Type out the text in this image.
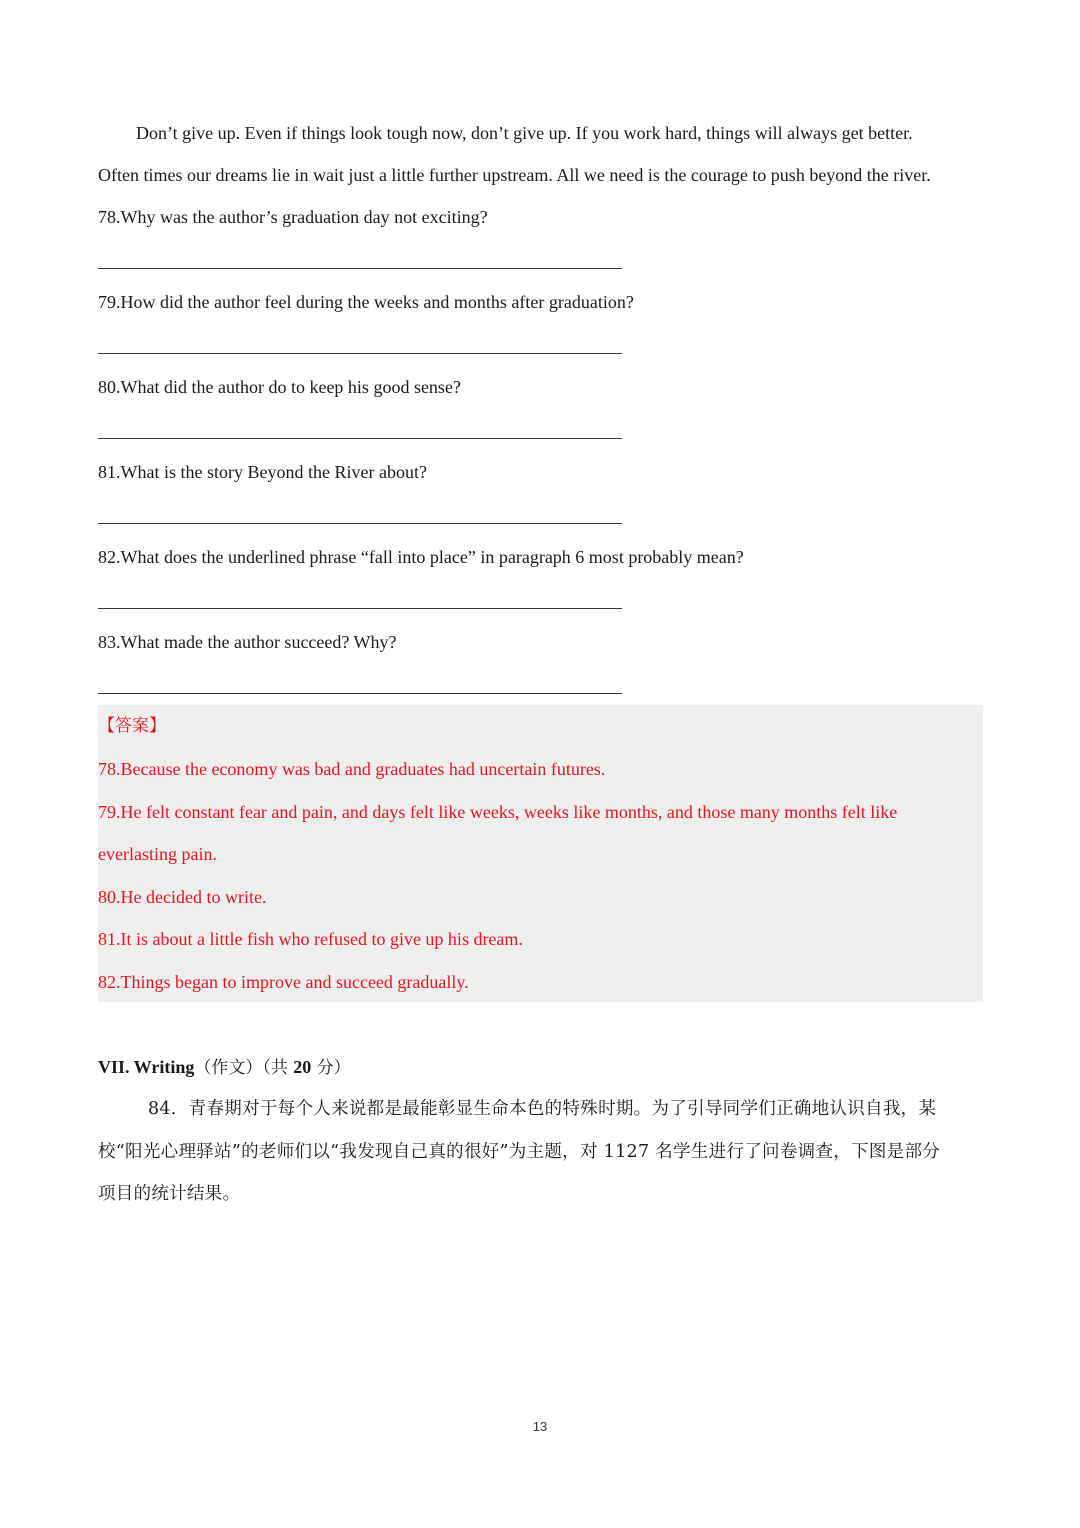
Don’t give up. Even if things look tough now, don’t give up. If you work hard, things will always get better.
Often times our dreams lie in wait just a little further upstream. All we need is the courage to push beyond the river.
78.Why was the author’s graduation day not exciting?
79.How did the author feel during the weeks and months after graduation?
80.What did the author do to keep his good sense?
81.What is the story Beyond the River about?
82.What does the underlined phrase “fall into place” in paragraph 6 most probably mean?
83.What made the author succeed? Why?
【答案】
78.Because the economy was bad and graduates had uncertain futures.
79.He felt constant fear and pain, and days felt like weeks, weeks like months, and those many months felt like
everlasting pain.
80.He decided to write.
81.It is about a little fish who refused to give up his dream.
82.Things began to improve and succeed gradually.
VII. Writing（作文）（共 20 分）
84．青春期对于每个人来说都是最能彰显生命本色的特殊时期。为了引导同学们正确地认识自我，某
校“阳光心理驿站”的老师们以“我发现自己真的很好”为主题，对 1127 名学生进行了问卷调查，下图是部分
项目的统计结果。
13
